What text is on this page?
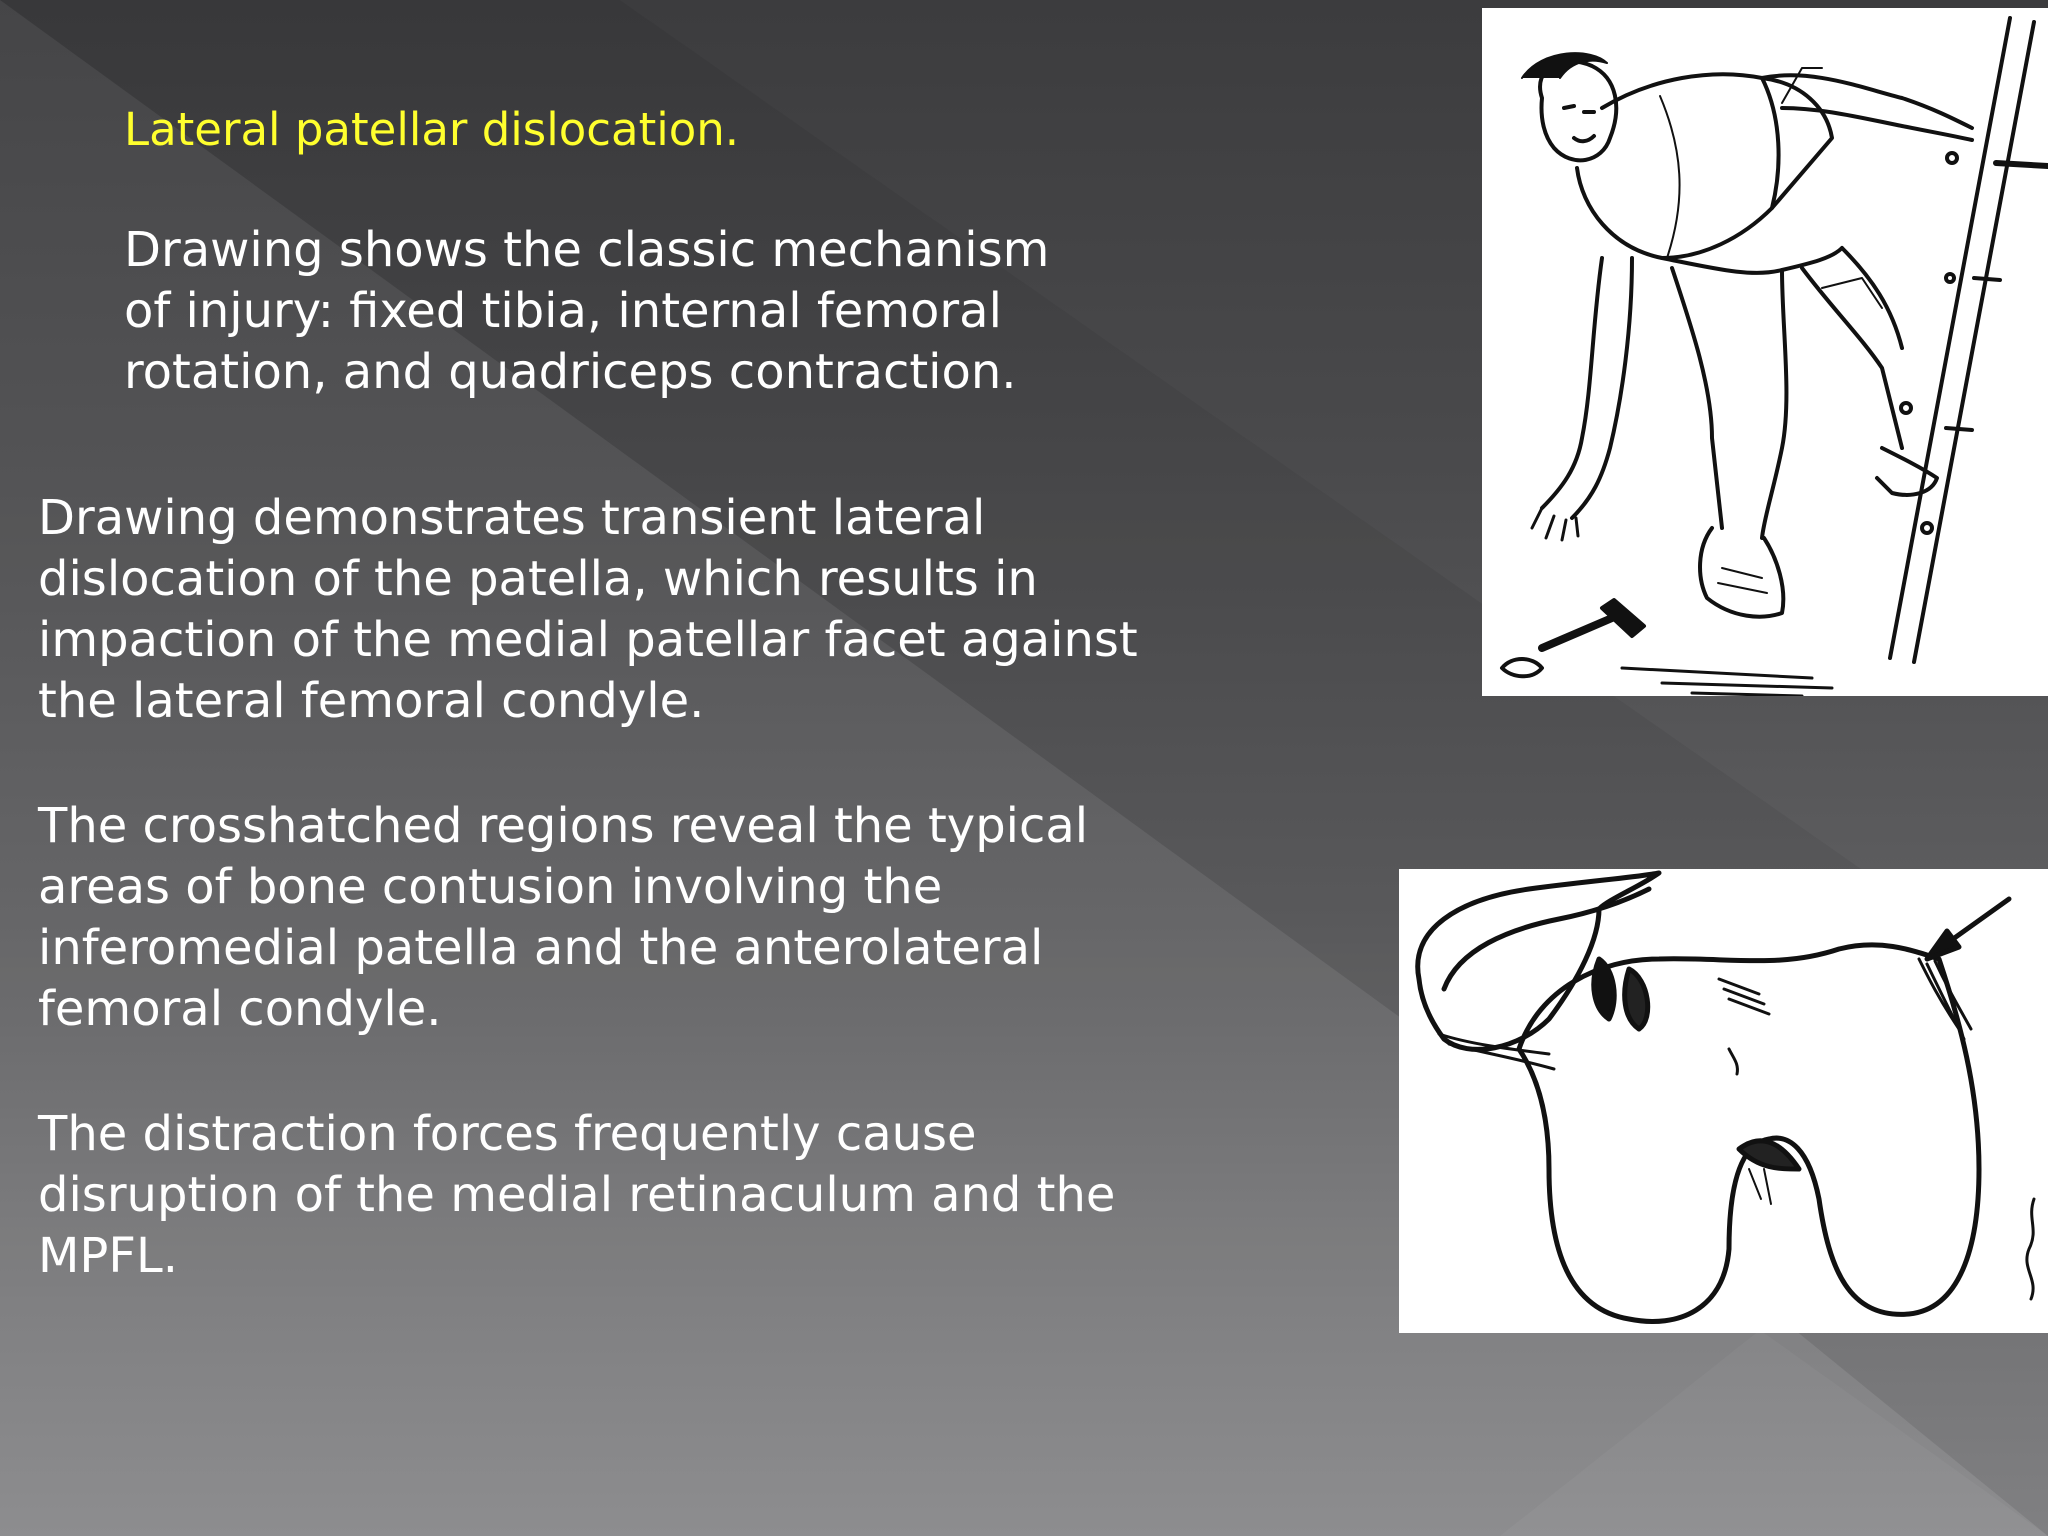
Lateral patellar dislocation.

Drawing shows the classic mechanism
of injury: fixed tibia, internal femoral
rotation, and quadriceps contraction.

Drawing demonstrates transient lateral
dislocation of the patella, which results in
impaction of the medial patellar facet against
the lateral femoral condyle.

The crosshatched regions reveal the typical
areas of bone contusion involving the
inferomedial patella and the anterolateral
femoral condyle.

The distraction forces frequently cause
disruption of the medial retinaculum and the
MPFL.
